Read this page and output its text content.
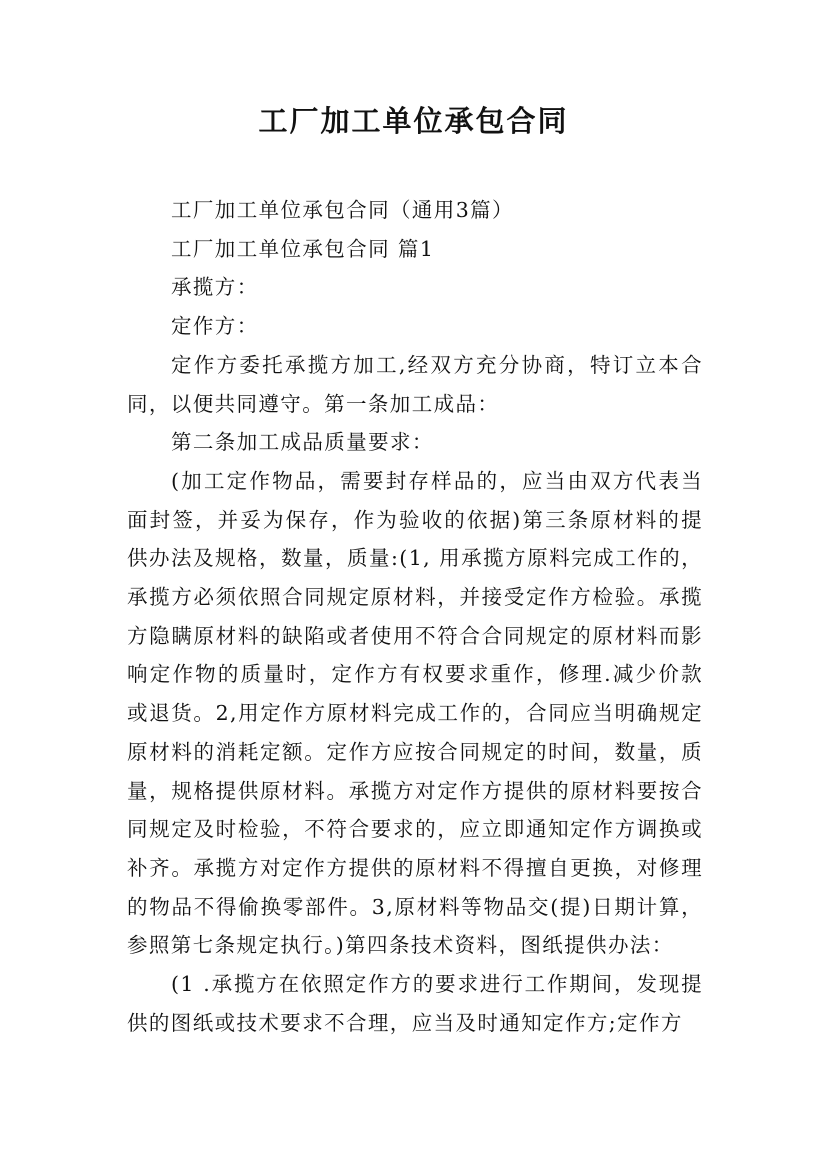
工厂加工单位承包合同

工厂加工单位承包合同（通用3篇）

工厂加工单位承包合同 篇1

承揽方：

定作方：

定作方委托承揽方加工,经双方充分协商，特订立本合同，以便共同遵守。第一条加工成品：

第二条加工成品质量要求：

(加工定作物品，需要封存样品的，应当由双方代表当面封签，并妥为保存，作为验收的依据)第三条原材料的提供办法及规格，数量，质量:(1, 用承揽方原料完成工作的，承揽方必须依照合同规定原材料，并接受定作方检验。承揽方隐瞒原材料的缺陷或者使用不符合合同规定的原材料而影响定作物的质量时，定作方有权要求重作，修理.减少价款或退货。2,用定作方原材料完成工作的，合同应当明确规定原材料的消耗定额。定作方应按合同规定的时间，数量，质量，规格提供原材料。承揽方对定作方提供的原材料要按合同规定及时检验，不符合要求的，应立即通知定作方调换或补齐。承揽方对定作方提供的原材料不得擅自更换，对修理的物品不得偷换零部件。3,原材料等物品交(提)日期计算，参照第七条规定执行。)第四条技术资料，图纸提供办法：

(1 .承揽方在依照定作方的要求进行工作期间，发现提供的图纸或技术要求不合理，应当及时通知定作方;定作方
